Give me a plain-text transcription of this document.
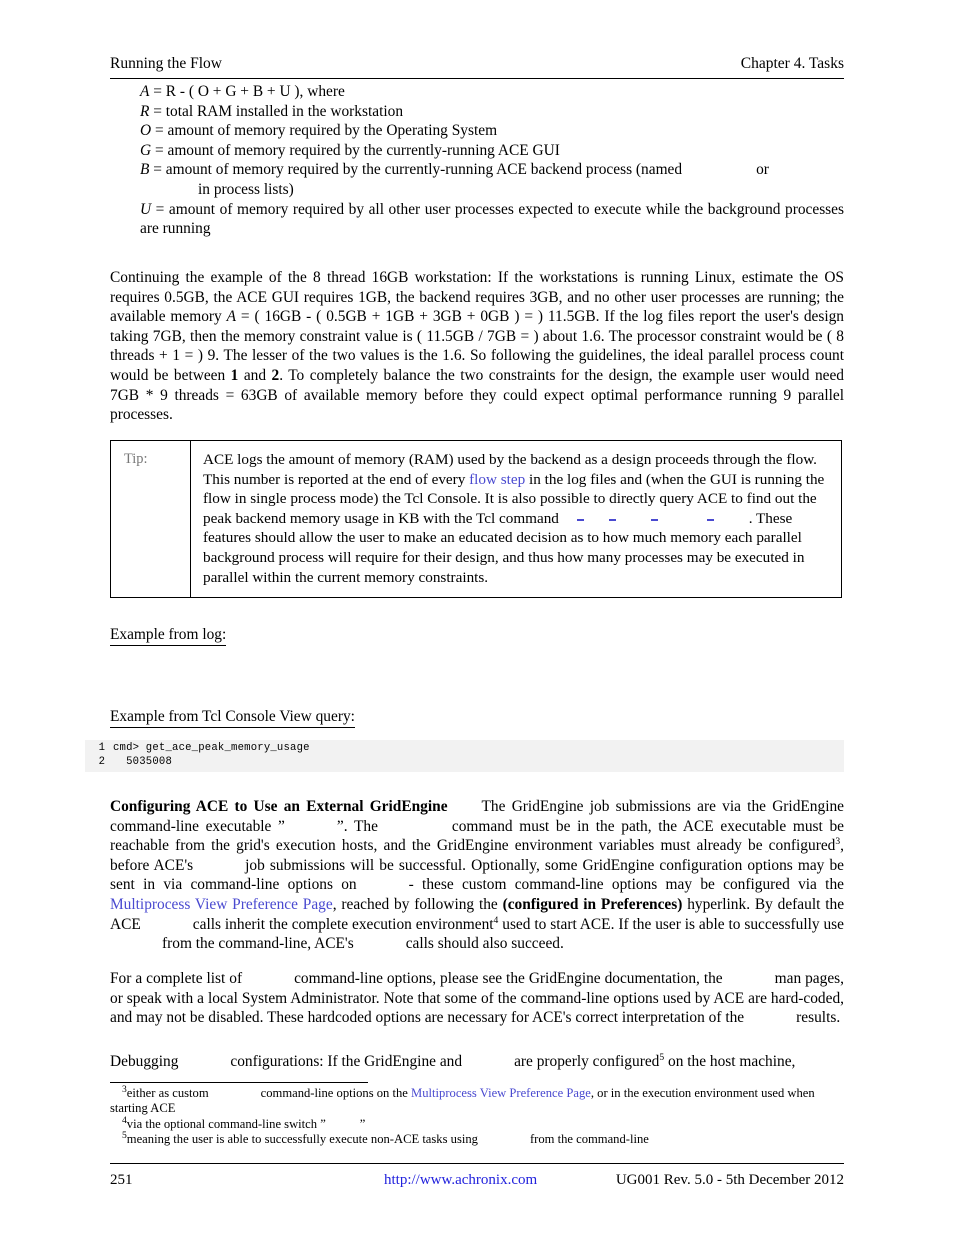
Running the Flow	Chapter 4. Tasks
A = R - ( O + G + B + U ), where
R = total RAM installed in the workstation
O = amount of memory required by the Operating System
G = amount of memory required by the currently-running ACE GUI
B = amount of memory required by the currently-running ACE backend process (named	or
in process lists)
U = amount of memory required by all other user processes expected to execute while the background processes are running

Continuing the example of the 8 thread 16GB workstation: If the workstations is running Linux, estimate the OS requires 0.5GB, the ACE GUI requires 1GB, the backend requires 3GB, and no other user processes are running; the available memory A = ( 16GB - ( 0.5GB + 1GB + 3GB + 0GB ) = ) 11.5GB. If the log files report the user's design taking 7GB, then the memory constraint value is ( 11.5GB / 7GB = ) about 1.6. The processor constraint would be ( 8 threads + 1 = ) 9. The lesser of the two values is the 1.6. So following the guidelines, the ideal parallel process count would be between 1 and 2. To completely balance the two constraints for the design, the example user would need 7GB * 9 threads = 63GB of available memory before they could expect optimal performance running 9 parallel processes.

Tip:	ACE logs the amount of memory (RAM) used by the backend as a design proceeds through the flow. This number is reported at the end of every flow step in the log files and (when the GUI is running the flow in single process mode) the Tcl Console. It is also possible to directly query ACE to find out the peak backend memory usage in KB with the Tcl command	. These features should allow the user to make an educated decision as to how much memory each parallel background process will require for their design, and thus how many processes may be executed in parallel within the current memory constraints.
Example from log:
Example from Tcl Console View query:
1 cmd> get_ace_peak_memory_usage
2 5035008

Configuring ACE to Use an External GridEngine The GridEngine job submissions are via the GridEngine command-line executable ”	”. The	command must be in the path, the ACE executable must be reachable from the grid's execution hosts, and the GridEngine environment variables must already be configured$^3$, before ACE's	job submissions will be successful. Optionally, some GridEngine configuration options may be sent in via command-line options on	- these custom command-line options may be configured via the Multiprocess View Preference Page, reached by following the (configured in Preferences) hyperlink. By default the ACE	calls inherit the complete execution environment$^4$ used to start ACE. If the user is able to successfully usefrom the command-line, ACE's	calls should also succeed.

For a complete list of	command-line options, please see the GridEngine documentation, the	man pages, or speak with a local System Administrator. Note that some of the command-line options used by ACE are hard-coded, and may not be disabled. These hardcoded options are necessary for ACE's correct interpretation of the	results.

Debugging	configurations: If the GridEngine and	are properly configured$^5$ on the host machine,

$^3$either as custom	command-line options on the Multiprocess View Preference Page, or in the execution environment used when starting ACE
$^4$via the optional command-line switch ”	”
$^5$meaning the user is able to successfully execute non-ACE tasks using	from the command-line
251	http://www.achronix.com	UG001 Rev. 5.0 - 5th December 2012
